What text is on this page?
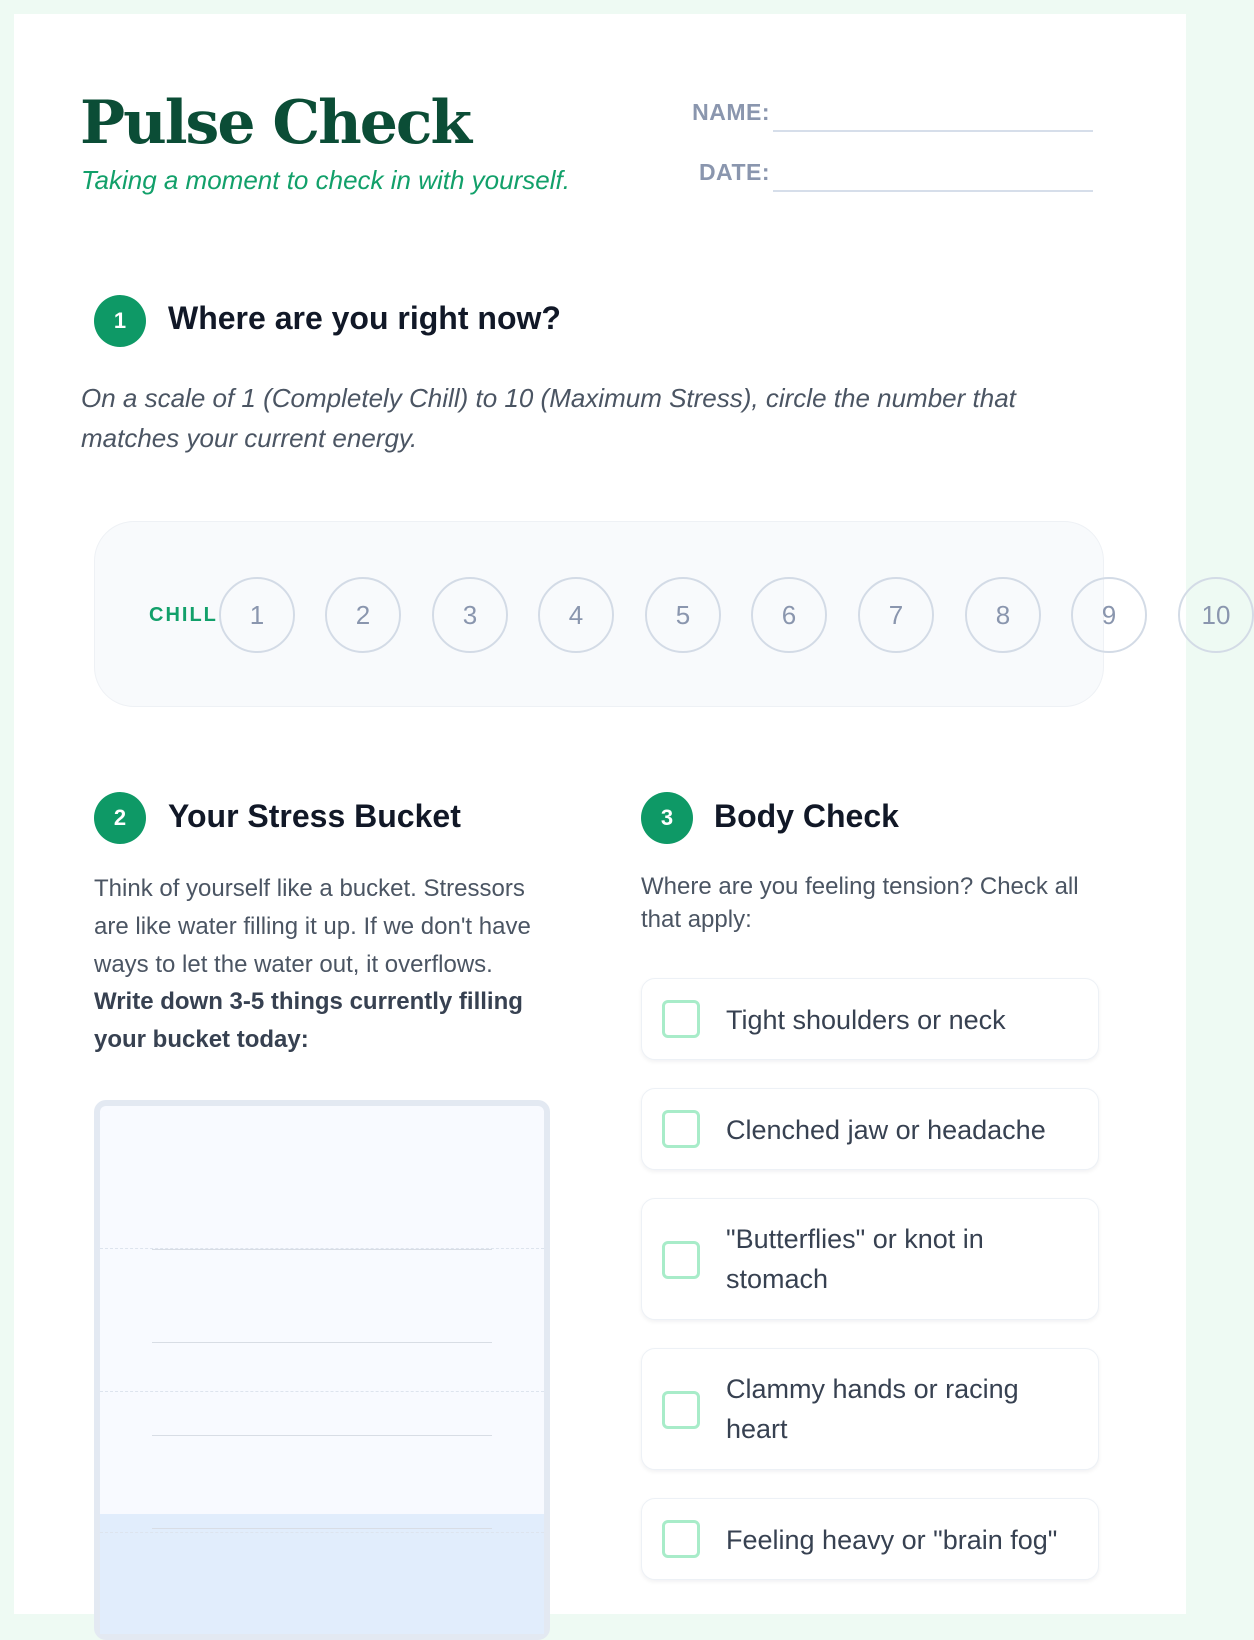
Pulse Check

Taking a moment to check in with yourself.

NAME:
DATE:
1	Where are you right now?

On a scale of 1 (Completely Chill) to 10 (Maximum Stress), circle the number that matches your current energy.

CHILL	1	2	3	4	5	6	7	8	9	10
2	Your Stress Bucket

Think of yourself like a bucket. Stressors

are like water filling it up. If we don't have

ways to let the water out, it overflows.

Write down 3-5 things currently filling

your bucket today:

3	Body Check

Where are you feeling tension? Check all

that apply:

Tight shoulders or neck

Clenched jaw or headache

"Butterflies" or knot in

stomach

Clammy hands or racing

heart

Feeling heavy or "brain fog"
